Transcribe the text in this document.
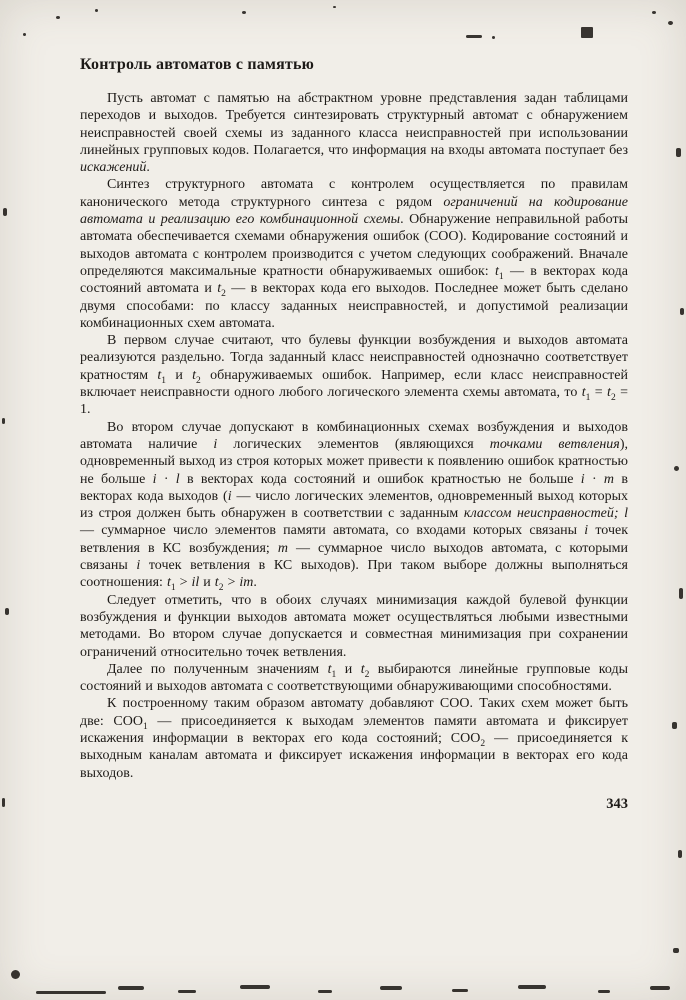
Контроль автоматов с памятью

Пусть автомат с памятью на абстрактном уровне представления задан таблицами переходов и выходов. Требуется синтезировать структурный автомат с обнаружением неисправностей своей схемы из заданного класса неисправностей при использовании линейных групповых кодов. Полагается, что информация на входы автомата поступает без искажений.

Синтез структурного автомата с контролем осуществляется по правилам канонического метода структурного синтеза с рядом ограничений на кодирование автомата и реализацию его комбинационной схемы. Обнаружение неправильной работы автомата обеспечивается схемами обнаружения ошибок (СОО). Кодирование состояний и выходов автомата с контролем производится с учетом следующих соображений. Вначале определяются максимальные кратности обнаруживаемых ошибок: $t_1$ — в векторах кода состояний автомата и $t_2$ — в векторах кода его выходов. Последнее может быть сделано двумя способами: по классу заданных неисправностей, и допустимой реализации комбинационных схем автомата.

В первом случае считают, что булевы функции возбуждения и выходов автомата реализуются раздельно. Тогда заданный класс неисправностей однозначно соответствует кратностям $t_1$ и $t_2$ обнаруживаемых ошибок. Например, если класс неисправностей включает неисправности одного любого логического элемента схемы автомата, то $t_1 = t_2 = 1$.

Во втором случае допускают в комбинационных схемах возбуждения и выходов автомата наличие i логических элементов (являющихся точками ветвления), одновременный выход из строя которых может привести к появлению ошибок кратностью не больше i · l в векторах кода состояний и ошибок кратностью не больше i · m в векторах кода выходов (i — число логических элементов, одновременный выход которых из строя должен быть обнаружен в соответствии с заданным классом неисправностей; l — суммарное число элементов памяти автомата, со входами которых связаны i точек ветвления в КС возбуждения; m — суммарное число выходов автомата, с которыми связаны i точек ветвления в КС выходов). При таком выборе должны выполняться соотношения: $t_1$ > il и $t_2$ > im.

Следует отметить, что в обоих случаях минимизация каждой булевой функции возбуждения и функции выходов автомата может осуществляться любыми известными методами. Во втором случае допускается и совместная минимизация при сохранении ограничений относительно точек ветвления.

Далее по полученным значениям $t_1$ и $t_2$ выбираются линейные групповые коды состояний и выходов автомата с соответствующими обнаруживающими способностями.

К построенному таким образом автомату добавляют СОО. Таких схем может быть две: $СОО_1$ — присоединяется к выходам элементов памяти автомата и фиксирует искажения информации в векторах его кода состояний; $СОО_2$ — присоединяется к выходным каналам автомата и фиксирует искажения информации в векторах его кода выходов.

343
